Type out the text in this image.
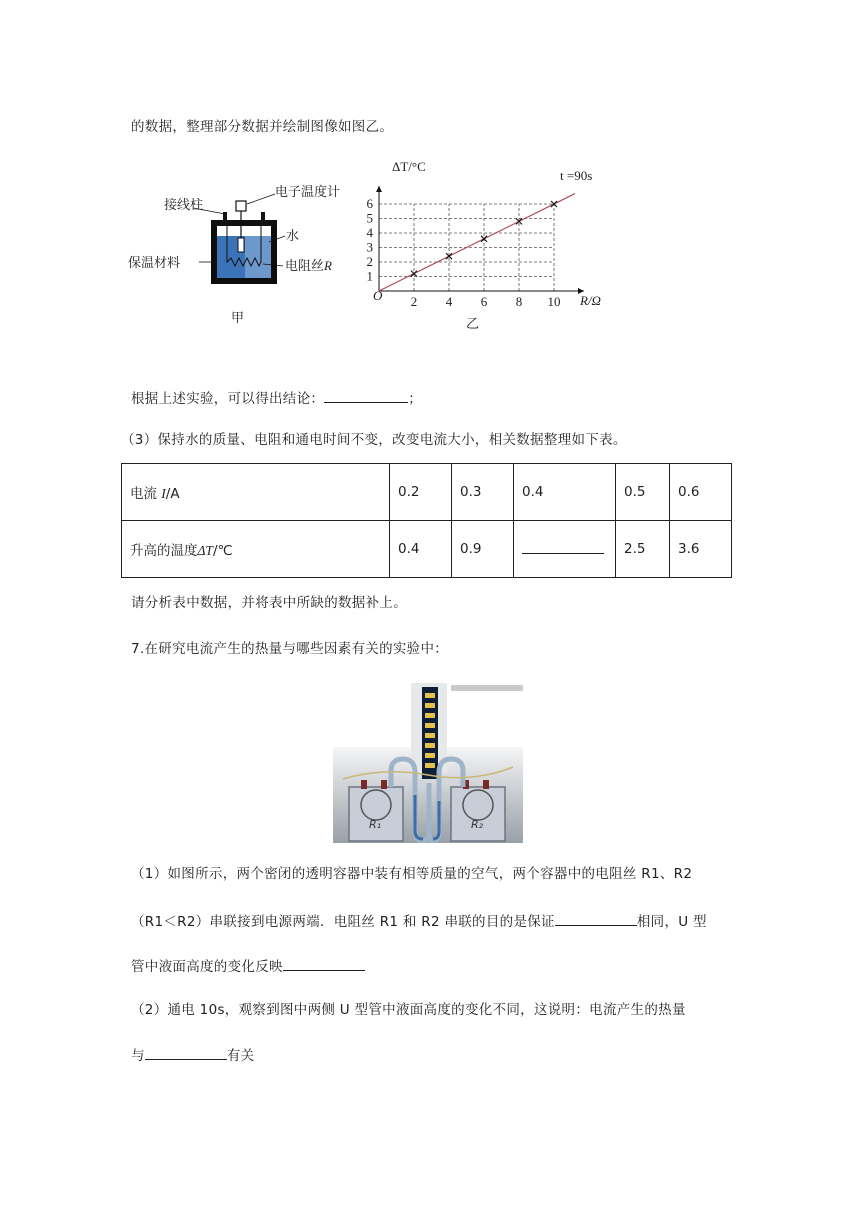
的数据，整理部分数据并绘制图像如图乙。
接线柱
电子温度计
水
保温材料	电阻丝R
甲
2 4 6 8 10
1
2
3
4
5
6
ΔT/°C
R/Ω
O
t =90s
乙
根据上述实验，可以得出结论：	；
（3）保持水的质量、电阻和通电时间不变，改变电流大小，相关数据整理如下表。
电流 I/A	0.2	0.3	0.4	0.5	0.6
升高的温度ΔT/℃	0.4	0.9		2.5	3.6
请分析表中数据，并将表中所缺的数据补上。
7.在研究电流产生的热量与哪些因素有关的实验中：
R₁	R₂
（1）如图所示，两个密闭的透明容器中装有相等质量的空气，两个容器中的电阻丝 R1、R2
（R1＜R2）串联接到电源两端．电阻丝 R1 和 R2 串联的目的是保证	相同，U 型
管中液面高度的变化反映
（2）通电 10s，观察到图中两侧 U 型管中液面高度的变化不同，这说明：电流产生的热量
与	有关
